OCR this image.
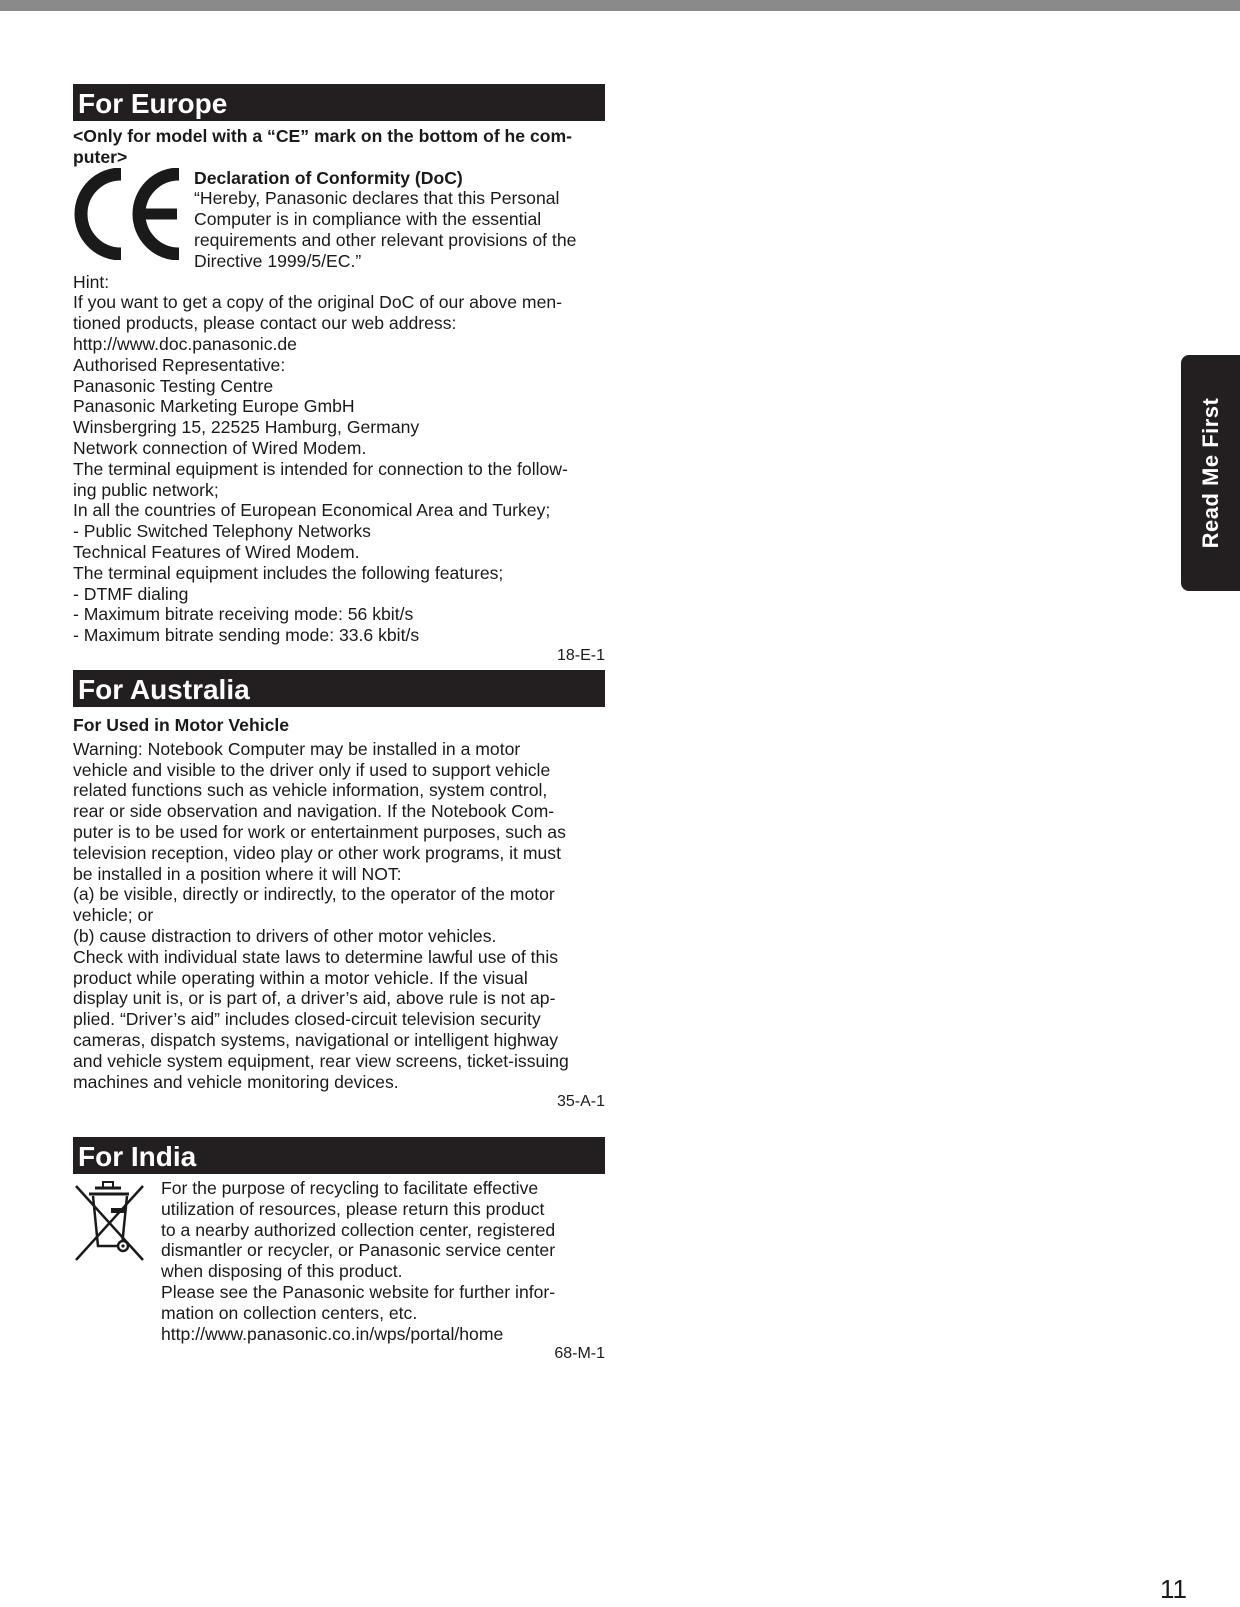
For Europe

<Only for model with a “CE” mark on the bottom of he com-

puter>

Declaration of Conformity (DoC)

“Hereby, Panasonic declares that this Personal

Computer is in compliance with the essential

requirements and other relevant provisions of the

Directive 1999/5/EC.”

Hint:

If you want to get a copy of the original DoC of our above men-

tioned products, please contact our web address:

http://www.doc.panasonic.de

Authorised Representative:

Panasonic Testing Centre

Panasonic Marketing Europe GmbH

Winsbergring 15, 22525 Hamburg, Germany

Network connection of Wired Modem.

The terminal equipment is intended for connection to the follow-

ing public network;

In all the countries of European Economical Area and Turkey;

- Public Switched Telephony Networks

Technical Features of Wired Modem.

The terminal equipment includes the following features;

- DTMF dialing

- Maximum bitrate receiving mode: 56 kbit/s

- Maximum bitrate sending mode: 33.6 kbit/s

18-E-1
For Australia

For Used in Motor Vehicle

Warning: Notebook Computer may be installed in a motor

vehicle and visible to the driver only if used to support vehicle

related functions such as vehicle information, system control,

rear or side observation and navigation. If the Notebook Com-

puter is to be used for work or entertainment purposes, such as

television reception, video play or other work programs, it must

be installed in a position where it will NOT:

(a) be visible, directly or indirectly, to the operator of the motor

vehicle; or

(b) cause distraction to drivers of other motor vehicles.

Check with individual state laws to determine lawful use of this

product while operating within a motor vehicle. If the visual

display unit is, or is part of, a driver’s aid, above rule is not ap-

plied. “Driver’s aid” includes closed-circuit television security

cameras, dispatch systems, navigational or intelligent highway

and vehicle system equipment, rear view screens, ticket-issuing

machines and vehicle monitoring devices.

35-A-1
For India

For the purpose of recycling to facilitate effective

utilization of resources, please return this product

to a nearby authorized collection center, registered

dismantler or recycler, or Panasonic service center

when disposing of this product.

Please see the Panasonic website for further infor-

mation on collection centers, etc.

http://www.panasonic.co.in/wps/portal/home

68-M-1
Read Me First
11
